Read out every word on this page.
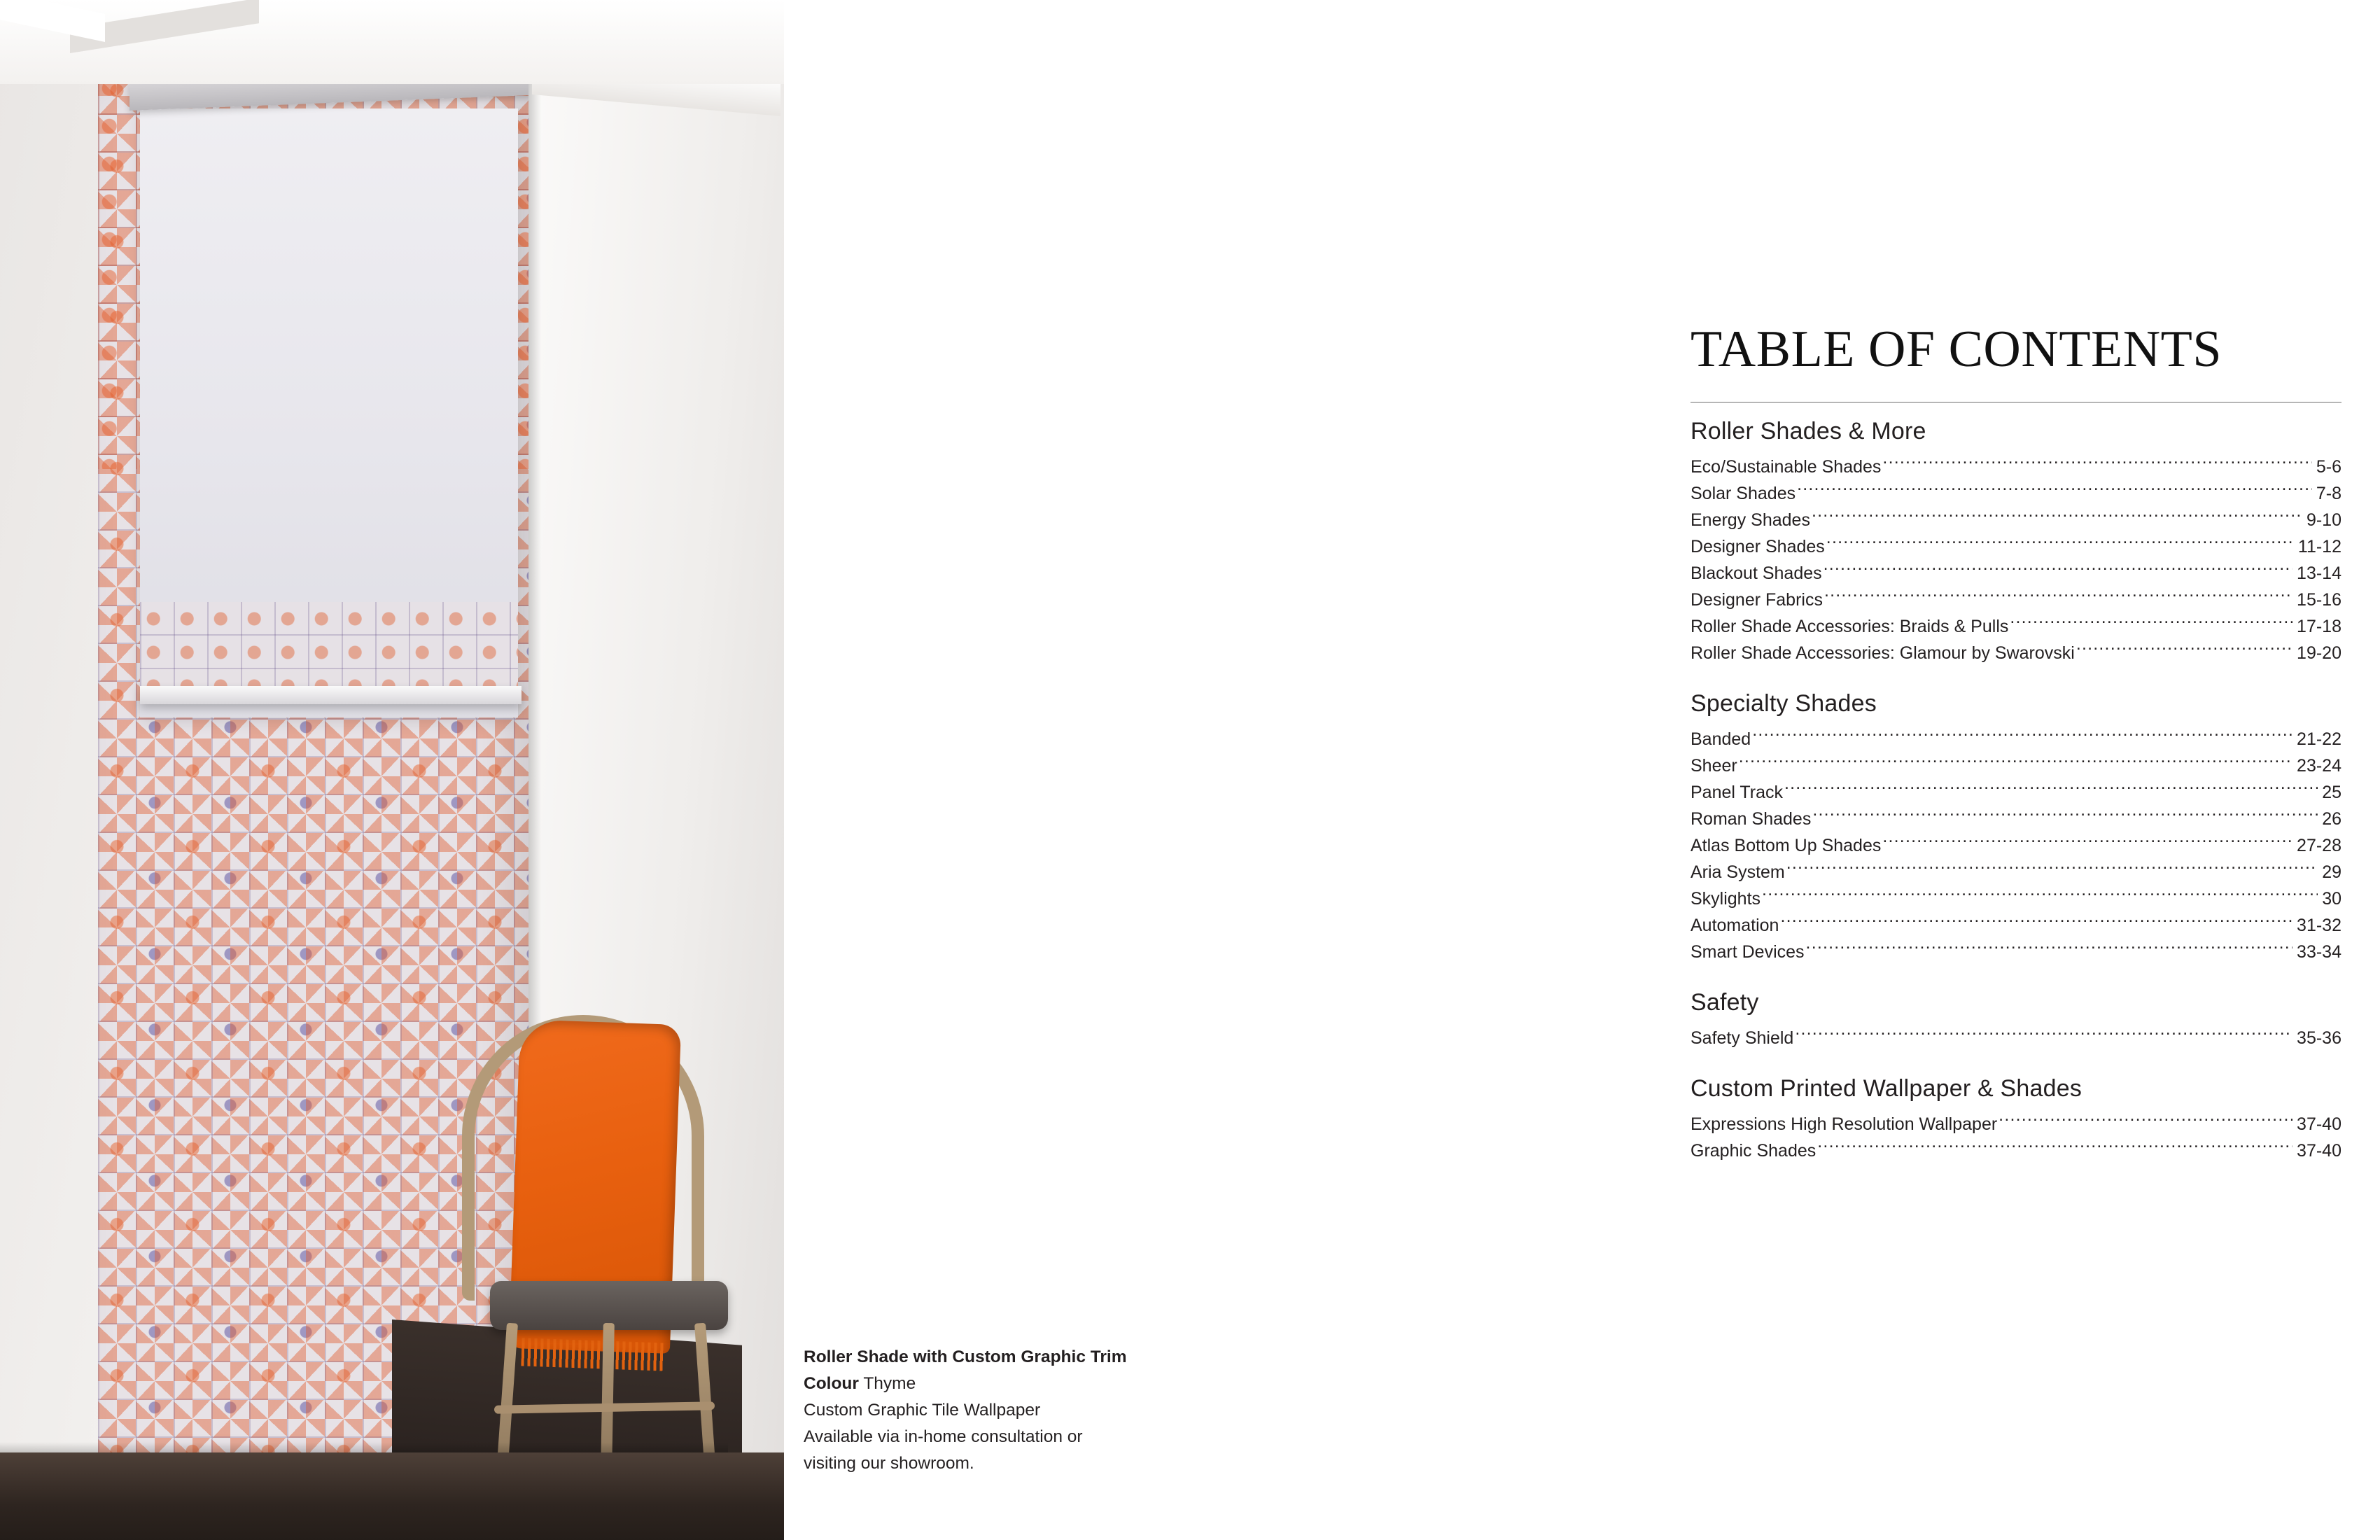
Roller Shade with Custom Graphic Trim
Colour Thyme
Custom Graphic Tile Wallpaper
Available via in-home consultation or
visiting our showroom.
TABLE OF CONTENTS
Roller Shades & More
Eco/Sustainable Shades .....	5-6
Solar Shades .....	7-8
Energy Shades .....	9-10
Designer Shades .....	11-12
Blackout Shades .....	13-14
Designer Fabrics .....	15-16
Roller Shade Accessories: Braids & Pulls .....	17-18
Roller Shade Accessories: Glamour by Swarovski .....	19-20
Specialty Shades
Banded .....	21-22
Sheer .....	23-24
Panel Track .....	25
Roman Shades .....	26
Atlas Bottom Up Shades .....	27-28
Aria System .....	29
Skylights .....	30
Automation .....	31-32
Smart Devices .....	33-34
Safety
Safety Shield .....	35-36
Custom Printed Wallpaper & Shades
Expressions High Resolution Wallpaper .....	37-40
Graphic Shades .....	37-40
